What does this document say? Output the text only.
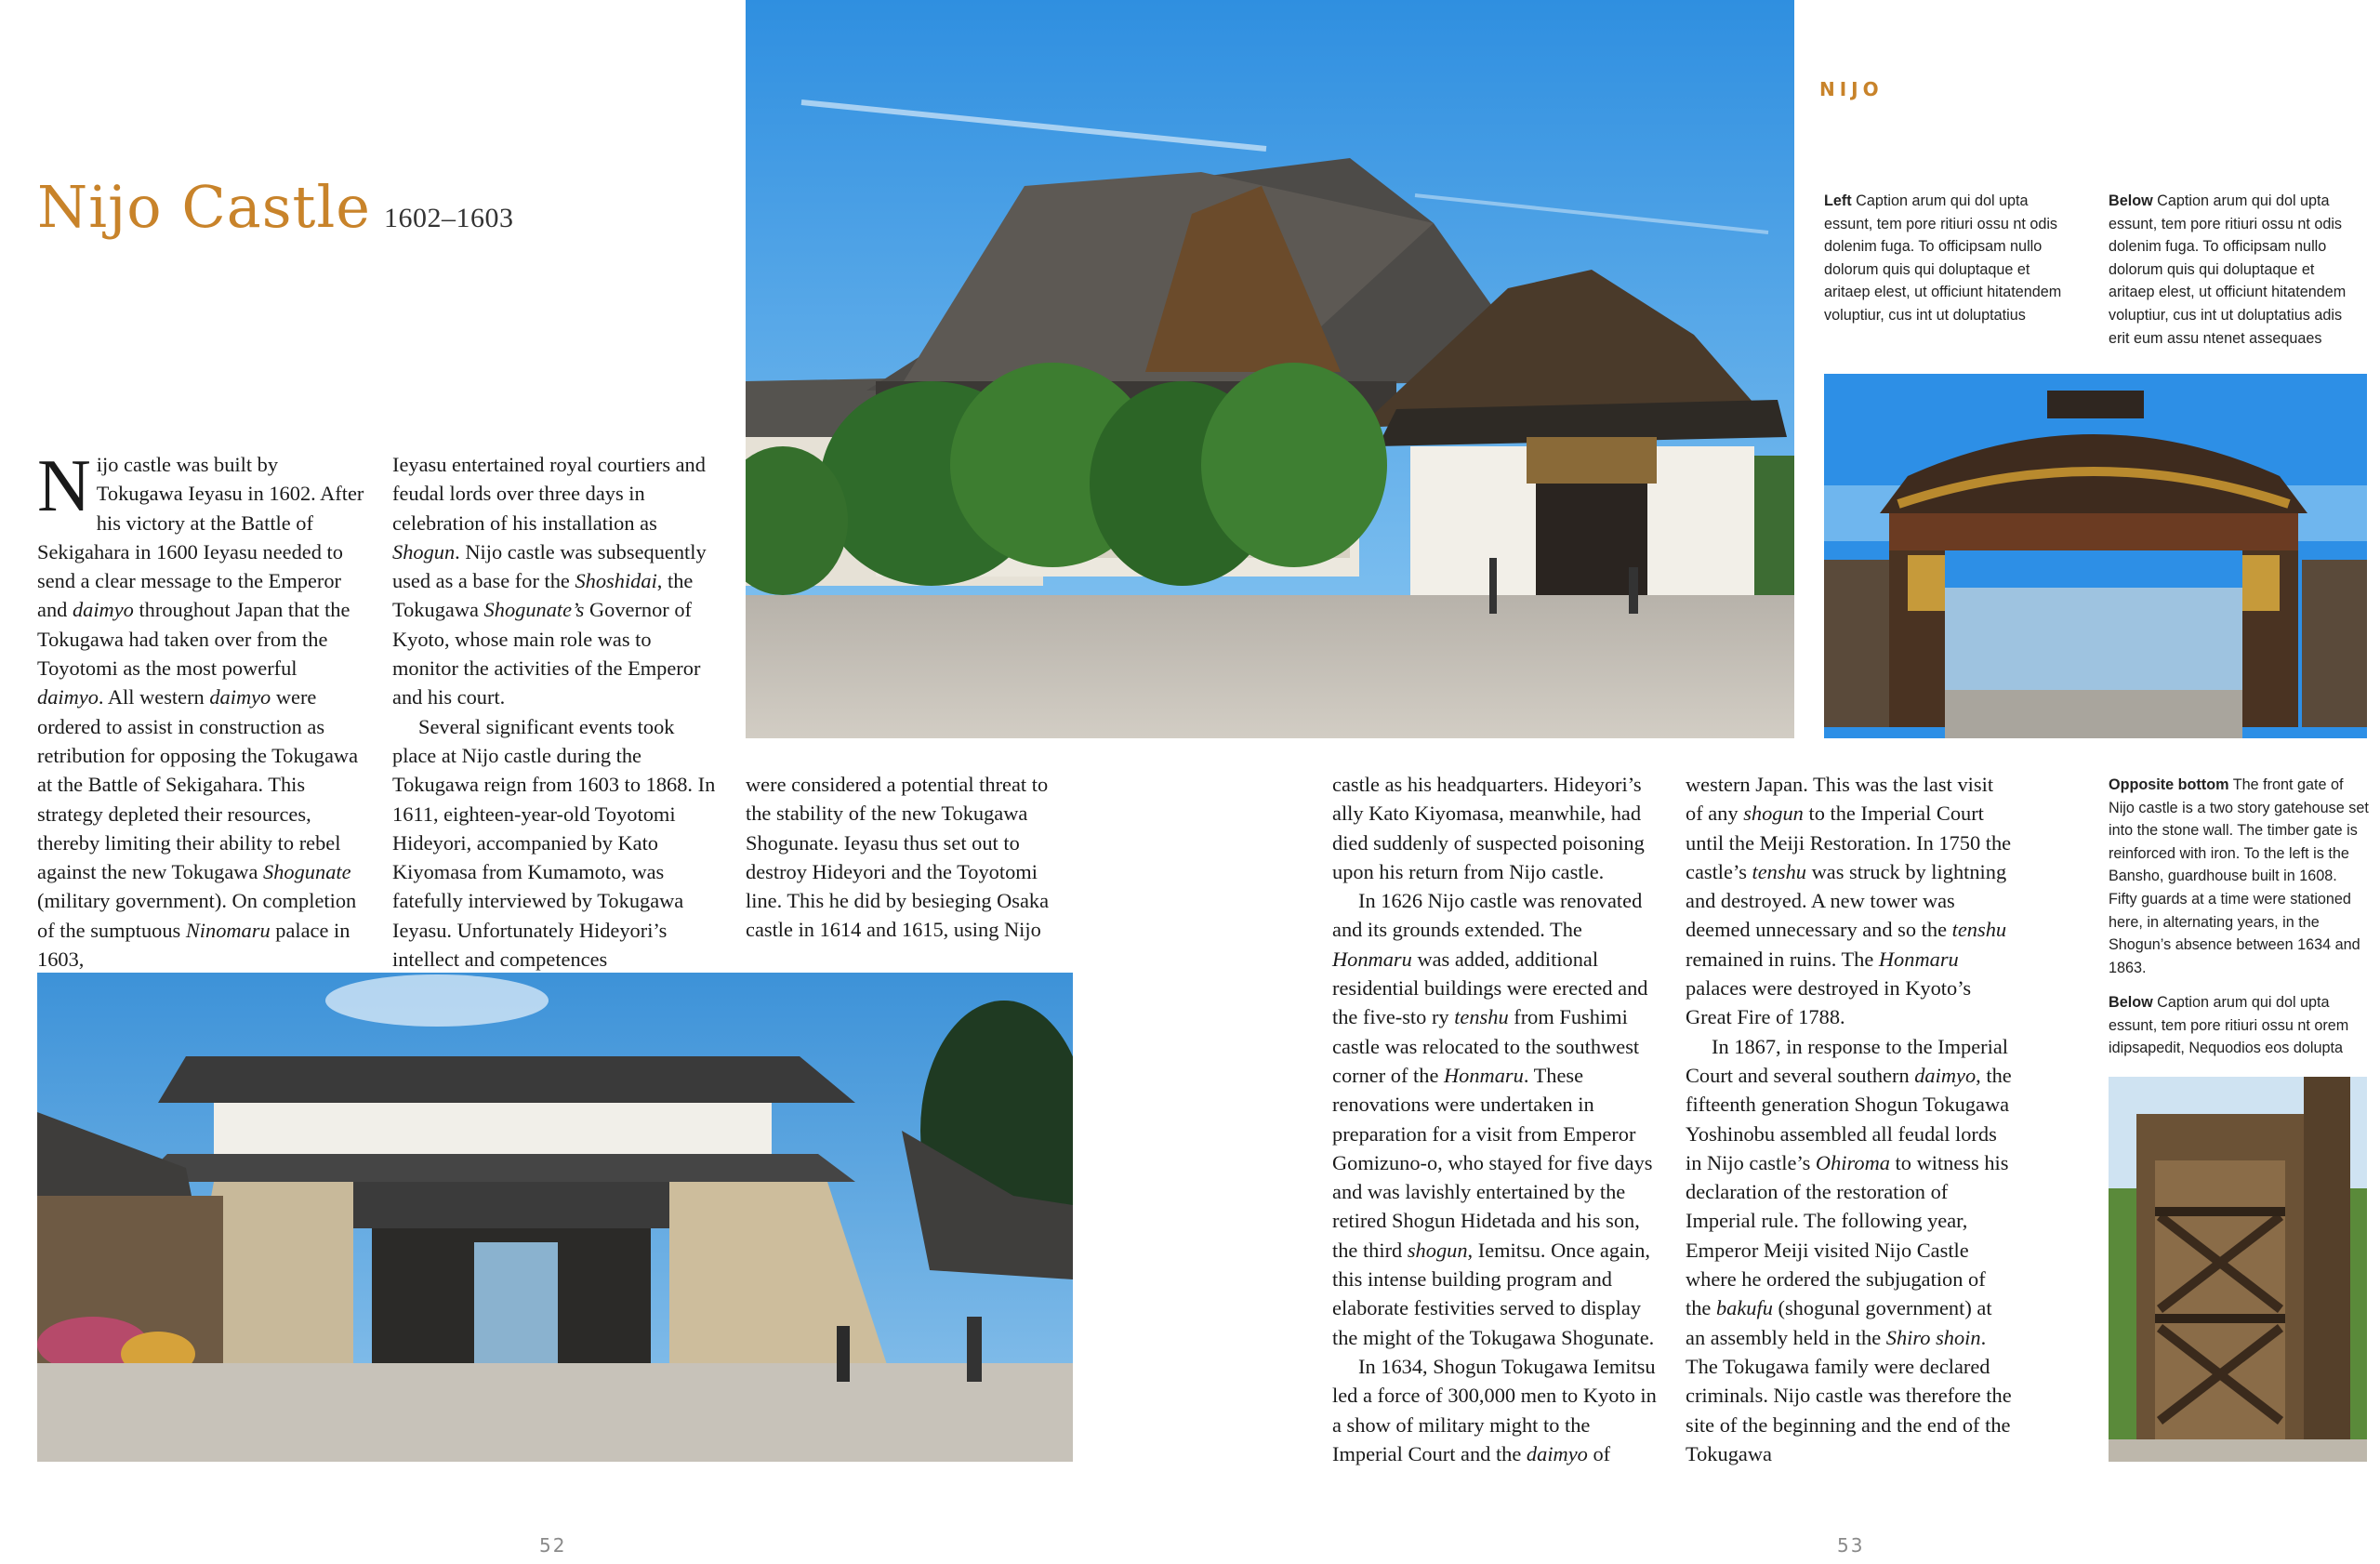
Nijo Castle 1602–1603
NIJO

Nijo castle was built by Tokugawa Ieyasu in 1602. After his victory at the Battle of Sekigahara in 1600 Ieyasu needed to send a clear message to the Emperor and daimyo throughout Japan that the Tokugawa had taken over from the Toyotomi as the most powerful daimyo. All western daimyo were ordered to assist in construction as retribution for opposing the Tokugawa at the Battle of Sekigahara. This strategy depleted their resources, thereby limiting their ability to rebel against the new Tokugawa Shogunate (military government). On completion of the sumptuous Ninomaru palace in 1603,

Ieyasu entertained royal courtiers and feudal lords over three days in celebration of his installation as Shogun. Nijo castle was subsequently used as a base for the Shoshidai, the Tokugawa Shogunate’s Governor of Kyoto, whose main role was to monitor the activities of the Emperor and his court.

Several significant events took place at Nijo castle during the Tokugawa reign from 1603 to 1868. In 1611, eighteen-year-old Toyotomi Hideyori, accompanied by Kato Kiyomasa from Kumamoto, was fatefully interviewed by Tokugawa Ieyasu. Unfortunately Hideyori’s intellect and competences

were considered a potential threat to the stability of the new Tokugawa Shogunate. Ieyasu thus set out to destroy Hideyori and the Toyotomi line. This he did by besieging Osaka castle in 1614 and 1615, using Nijo

castle as his headquarters. Hideyori’s ally Kato Kiyomasa, meanwhile, had died suddenly of suspected poisoning upon his return from Nijo castle.

In 1626 Nijo castle was renovated and its grounds extended. The Honmaru was added, additional residential buildings were erected and the five-sto ry tenshu from Fushimi castle was relocated to the southwest corner of the Honmaru. These renovations were undertaken in preparation for a visit from Emperor Gomizuno-o, who stayed for five days and was lavishly entertained by the retired Shogun Hidetada and his son, the third shogun, Iemitsu. Once again, this intense building program and elaborate festivities served to display the might of the Tokugawa Shogunate.

In 1634, Shogun Tokugawa Iemitsu led a force of 300,000 men to Kyoto in a show of military might to the Imperial Court and the daimyo of

western Japan. This was the last visit of any shogun to the Imperial Court until the Meiji Restoration. In 1750 the castle’s tenshu was struck by lightning and destroyed. A new tower was deemed unnecessary and so the tenshu remained in ruins. The Honmaru palaces were destroyed in Kyoto’s Great Fire of 1788.

In 1867, in response to the Imperial Court and several southern daimyo, the fifteenth generation Shogun Tokugawa Yoshinobu assembled all feudal lords in Nijo castle’s Ohiroma to witness his declaration of the restoration of Imperial rule. The following year, Emperor Meiji visited Nijo Castle where he ordered the subjugation of the bakufu (shogunal government) at an assembly held in the Shiro shoin. The Tokugawa family were declared criminals. Nijo castle was therefore the site of the beginning and the end of the Tokugawa

Left Caption arum qui dol upta essunt, tem pore ritiuri ossu nt odis dolenim fuga. To officipsam nullo dolorum quis qui doluptaque et aritaep elest, ut officiunt hitatendem voluptiur, cus int ut doluptatius

Below Caption arum qui dol upta essunt, tem pore ritiuri ossu nt odis dolenim fuga. To officipsam nullo dolorum quis qui doluptaque et aritaep elest, ut officiunt hitatendem voluptiur, cus int ut doluptatius adis erit eum assu ntenet assequaes

Opposite bottom The front gate of Nijo castle is a two story gatehouse set into the stone wall. The timber gate is reinforced with iron. To the left is the Bansho, guardhouse built in 1608. Fifty guards at a time were stationed here, in alternating years, in the Shogun’s absence between 1634 and 1863.

Below Caption arum qui dol upta essunt, tem pore ritiuri ossu nt orem idipsapedit, Nequodios eos dolupta

52	53
